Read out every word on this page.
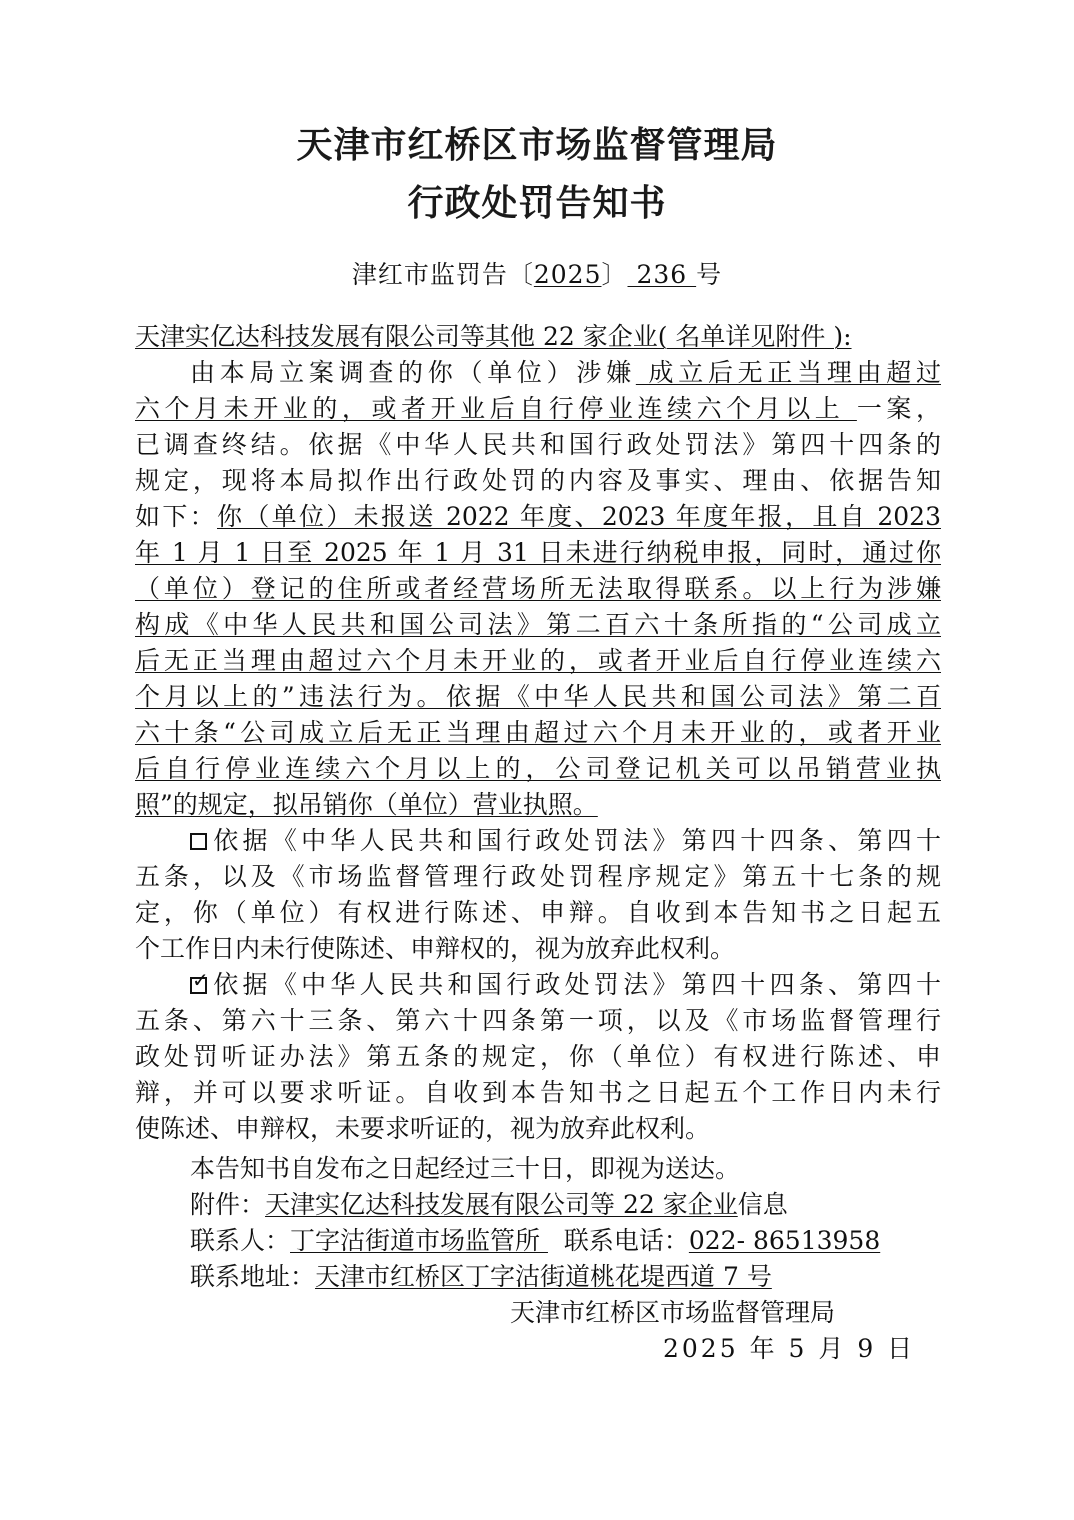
天津市红桥区市场监督管理局
行政处罚告知书
津红市监罚告〔2025〕 236 号
天津实亿达科技发展有限公司等其他 22 家企业( 名单详见附件 ):
由本局立案调查的你（单位）涉嫌 成立后无正当理由超过
六个月未开业的，或者开业后自行停业连续六个月以上 一案，
已调查终结。依据《中华人民共和国行政处罚法》第四十四条的
规定，现将本局拟作出行政处罚的内容及事实、理由、依据告知
如下：你（单位）未报送 2022 年度、2023 年度年报，且自 2023
年 1 月 1 日至 2025 年 1 月 31 日未进行纳税申报，同时，通过你
（单位）登记的住所或者经营场所无法取得联系。以上行为涉嫌
构成《中华人民共和国公司法》第二百六十条所指的“公司成立
后无正当理由超过六个月未开业的，或者开业后自行停业连续六
个月以上的”违法行为。依据《中华人民共和国公司法》第二百
六十条“公司成立后无正当理由超过六个月未开业的，或者开业
后自行停业连续六个月以上的，公司登记机关可以吊销营业执
照”的规定，拟吊销你（单位）营业执照。
依据《中华人民共和国行政处罚法》第四十四条、第四十
五条，以及《市场监督管理行政处罚程序规定》第五十七条的规
定，你（单位）有权进行陈述、申辩。自收到本告知书之日起五
个工作日内未行使陈述、申辩权的，视为放弃此权利。
✓ 依据《中华人民共和国行政处罚法》第四十四条、第四十
五条、第六十三条、第六十四条第一项，以及《市场监督管理行
政处罚听证办法》第五条的规定，你（单位）有权进行陈述、申
辩，并可以要求听证。自收到本告知书之日起五个工作日内未行
使陈述、申辩权，未要求听证的，视为放弃此权利。
本告知书自发布之日起经过三十日，即视为送达。
附件：天津实亿达科技发展有限公司等 22 家企业信息
联系人：丁字沽街道市场监管所   联系电话：022- 86513958
联系地址：天津市红桥区丁字沽街道桃花堤西道 7 号
天津市红桥区市场监督管理局
2025 年 5 月 9 日
